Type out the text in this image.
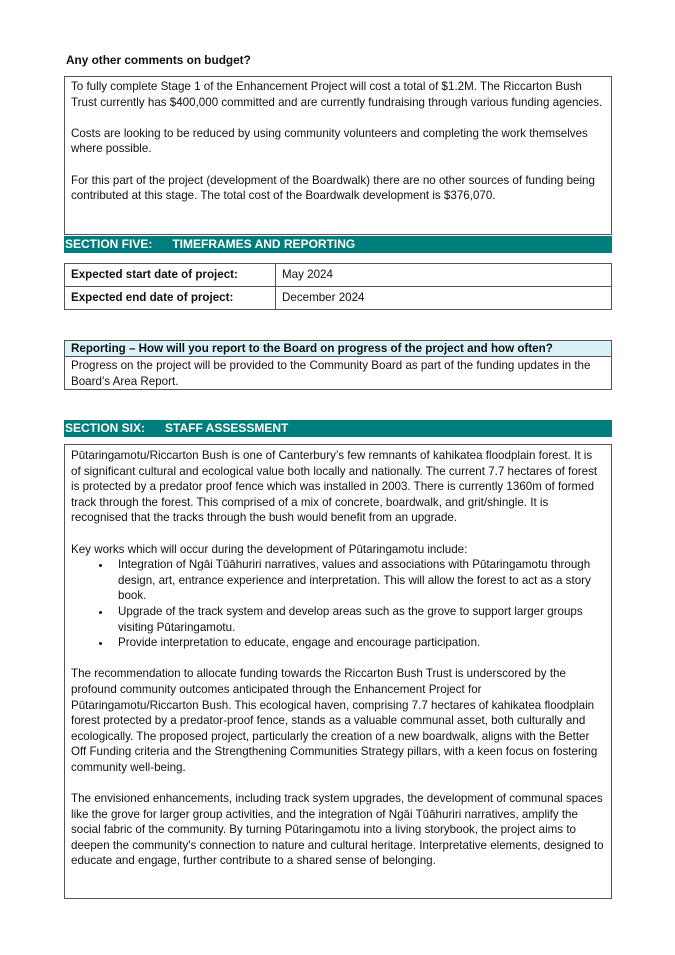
Any other comments on budget?

To fully complete Stage 1 of the Enhancement Project will cost a total of $1.2M. The Riccarton Bush Trust currently has $400,000 committed and are currently fundraising through various funding agencies.

Costs are looking to be reduced by using community volunteers and completing the work themselves where possible.

For this part of the project (development of the Boardwalk) there are no other sources of funding being contributed at this stage. The total cost of the Boardwalk development is $376,070.

SECTION FIVE:      TIMEFRAMES AND REPORTING
Expected start date of project:	May 2024
Expected end date of project:	December 2024
Reporting – How will you report to the Board on progress of the project and how often?
Progress on the project will be provided to the Community Board as part of the funding updates in the Board’s Area Report.
SECTION SIX:      STAFF ASSESSMENT

Pūtaringamotu/Riccarton Bush is one of Canterbury’s few remnants of kahikatea floodplain forest. It is of significant cultural and ecological value both locally and nationally. The current 7.7 hectares of forest is protected by a predator proof fence which was installed in 2003. There is currently 1360m of formed track through the forest. This comprised of a mix of concrete, boardwalk, and grit/shingle. It is recognised that the tracks through the bush would benefit from an upgrade.

Key works which will occur during the development of Pūtaringamotu include:

• Integration of Ngāi Tūāhuriri narratives, values and associations with Pūtaringamotu through design, art, entrance experience and interpretation. This will allow the forest to act as a story book.
• Upgrade of the track system and develop areas such as the grove to support larger groups visiting Pūtaringamotu.
• Provide interpretation to educate, engage and encourage participation.

The recommendation to allocate funding towards the Riccarton Bush Trust is underscored by the profound community outcomes anticipated through the Enhancement Project for Pūtaringamotu/Riccarton Bush. This ecological haven, comprising 7.7 hectares of kahikatea floodplain forest protected by a predator-proof fence, stands as a valuable communal asset, both culturally and ecologically. The proposed project, particularly the creation of a new boardwalk, aligns with the Better Off Funding criteria and the Strengthening Communities Strategy pillars, with a keen focus on fostering community well-being.

The envisioned enhancements, including track system upgrades, the development of communal spaces like the grove for larger group activities, and the integration of Ngāi Tūāhuriri narratives, amplify the social fabric of the community. By turning Pūtaringamotu into a living storybook, the project aims to deepen the community's connection to nature and cultural heritage. Interpretative elements, designed to educate and engage, further contribute to a shared sense of belonging.
